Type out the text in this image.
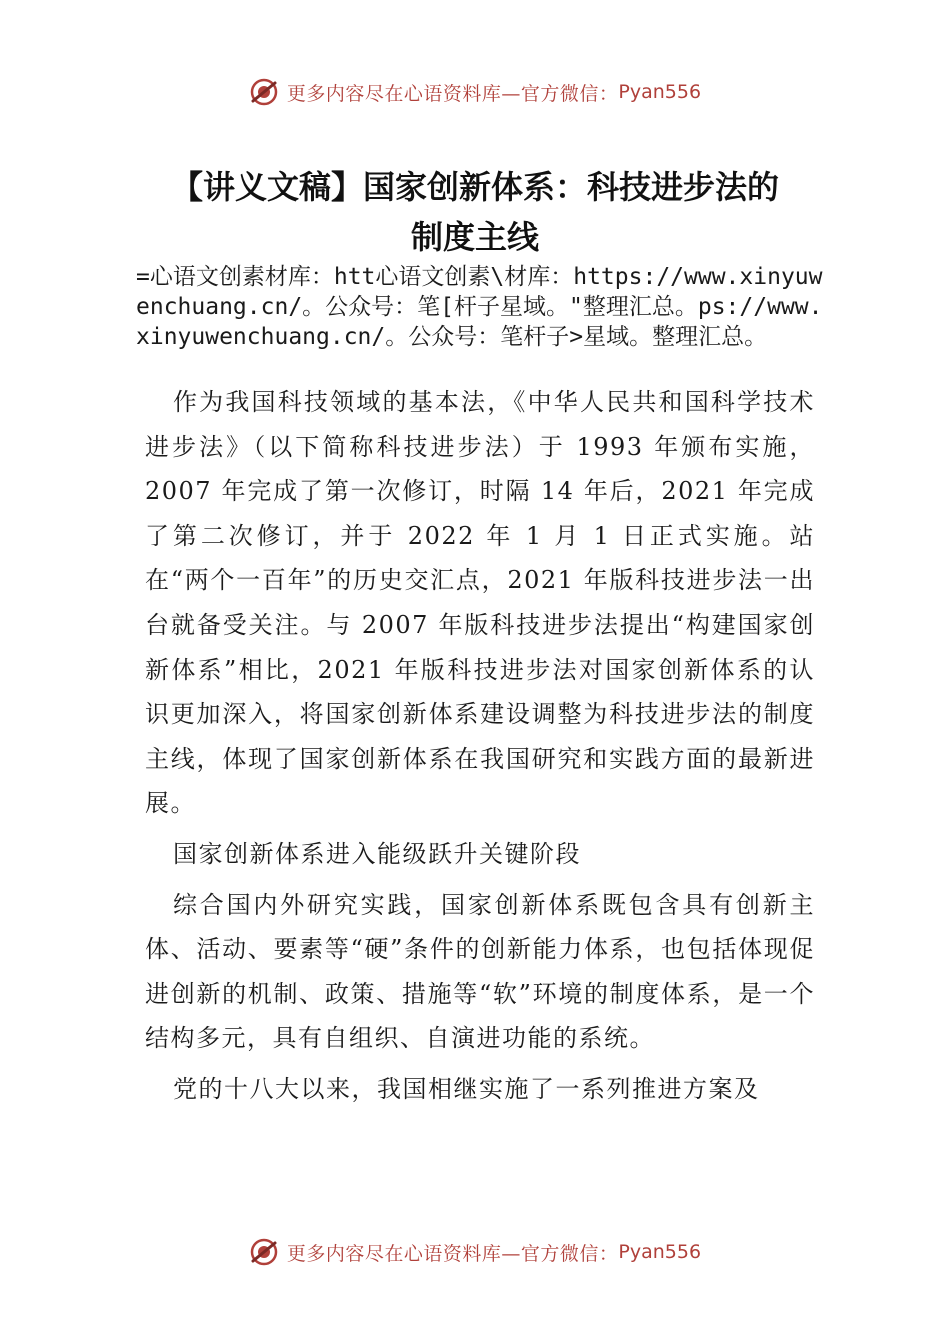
更多内容尽在心语资料库—官方微信： Pyan556
【讲义文稿】国家创新体系：科技进步法的
制度主线

=心语文创素材库：htt心语文创素\材库：https://www.xinyuwenchuang.cn/。公众号：笔[杆子星域。"整理汇总。ps://www.xinyuwenchuang.cn/。公众号：笔杆子>星域。整理汇总。

作为我国科技领域的基本法，《中华人民共和国科学技术进步法》（以下简称科技进步法）于 1993 年颁布实施，2007 年完成了第一次修订，时隔 14 年后，2021 年完成了第二次修订，并于 2022 年 1 月 1 日正式实施。站在“两个一百年”的历史交汇点，2021 年版科技进步法一出台就备受关注。与 2007 年版科技进步法提出“构建国家创新体系”相比，2021 年版科技进步法对国家创新体系的认识更加深入，将国家创新体系建设调整为科技进步法的制度主线，体现了国家创新体系在我国研究和实践方面的最新进展。

国家创新体系进入能级跃升关键阶段

综合国内外研究实践，国家创新体系既包含具有创新主体、活动、要素等“硬”条件的创新能力体系，也包括体现促进创新的机制、政策、措施等“软”环境的制度体系，是一个结构多元，具有自组织、自演进功能的系统。

党的十八大以来，我国相继实施了一系列推进方案及

更多内容尽在心语资料库—官方微信： Pyan556
